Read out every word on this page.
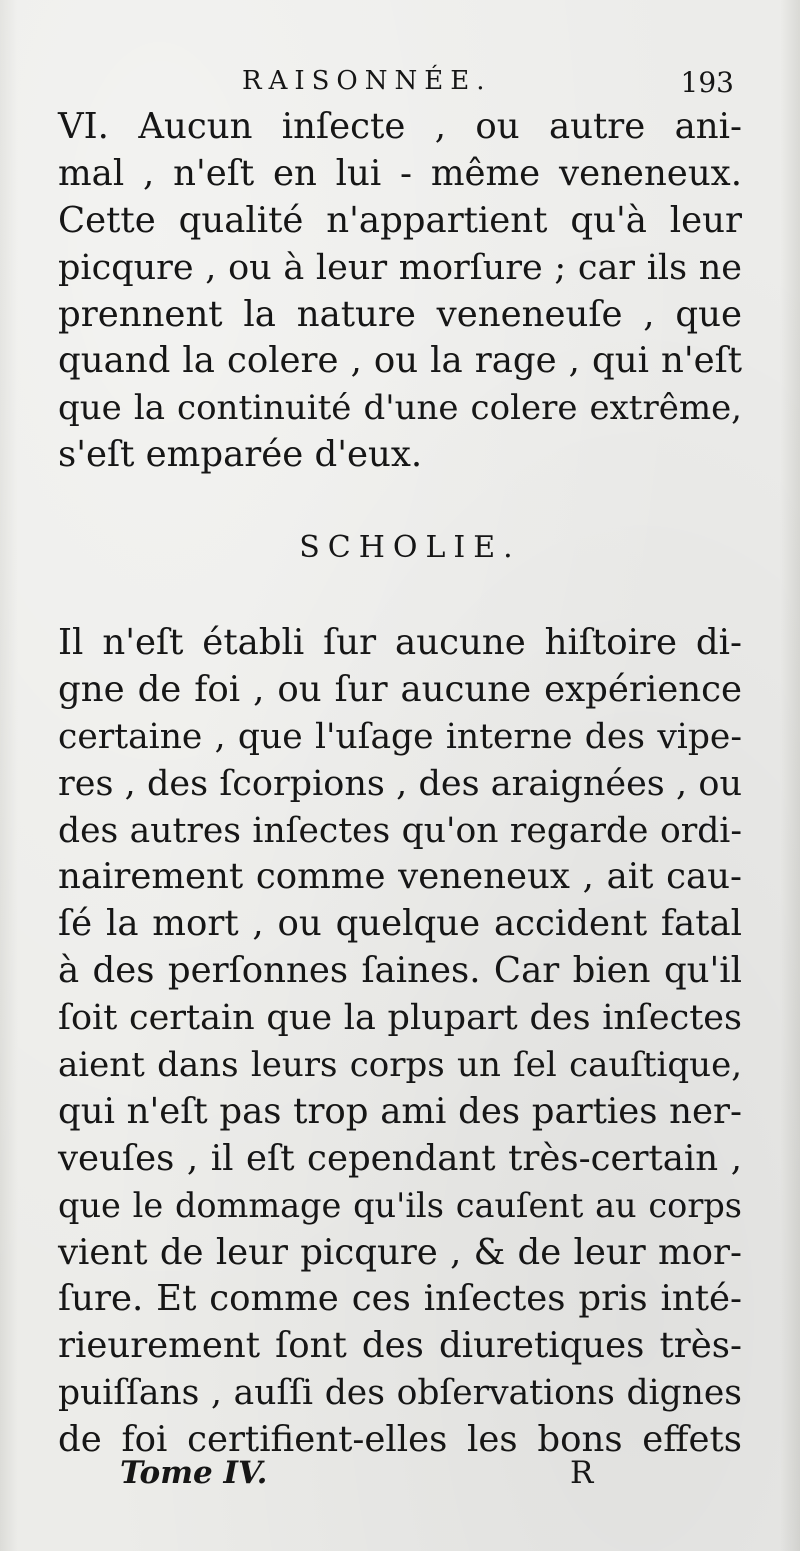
RAISONNÉE.	193
VI. Aucun inſecte , ou autre ani-
mal , n'eſt en lui - même veneneux.
Cette qualité n'appartient qu'à leur
picqure , ou à leur morſure ; car ils ne
prennent la nature veneneuſe , que
quand la colere , ou la rage , qui n'eſt
que la continuité d'une colere extrême,
s'eſt emparée d'eux.
SCHOLIE.
Il n'eſt établi ſur aucune hiſtoire di-
gne de foi , ou ſur aucune expérience
certaine , que l'uſage interne des vipe-
res , des ſcorpions , des araignées , ou
des autres inſectes qu'on regarde ordi-
nairement comme veneneux , ait cau-
ſé la mort , ou quelque accident fatal
à des perſonnes ſaines. Car bien qu'il
ſoit certain que la plupart des inſectes
aient dans leurs corps un ſel cauſtique,
qui n'eſt pas trop ami des parties ner-
veuſes , il eſt cependant très-certain ,
que le dommage qu'ils cauſent au corps
vient de leur picqure , & de leur mor-
ſure. Et comme ces inſectes pris inté-
rieurement ſont des diuretiques très-
puiſſans , auſſi des obſervations dignes
de foi certifient-elles les bons effets
Tome IV.	R
